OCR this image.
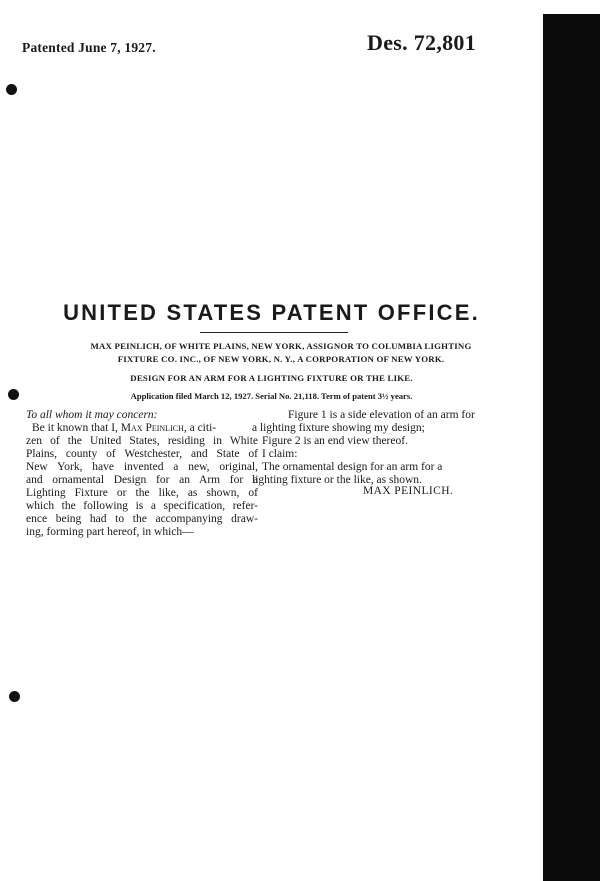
Patented June 7, 1927.	Des. 72,801
UNITED STATES PATENT OFFICE.
MAX PEINLICH, OF WHITE PLAINS, NEW YORK, ASSIGNOR TO COLUMBIA LIGHTING
FIXTURE CO. INC., OF NEW YORK, N. Y., A CORPORATION OF NEW YORK.
DESIGN FOR AN ARM FOR A LIGHTING FIXTURE OR THE LIKE.
Application filed March 12, 1927. Serial No. 21,118. Term of patent 3½ years.
To all whom it may concern:
Be it known that I, Max Peinlich, a citi-
zen of the United States, residing in White
Plains, county of Westchester, and State of
New York, have invented a new, original,
and ornamental Design for an Arm for a
Lighting Fixture or the like, as shown, of
which the following is a specification, refer-
ence being had to the accompanying draw-
ing, forming part hereof, in which—
Figure 1 is a side elevation of an arm for
a lighting fixture showing my design;
Figure 2 is an end view thereof.
I claim:
The ornamental design for an arm for a
lighting fixture or the like, as shown.
MAX PEINLICH.
